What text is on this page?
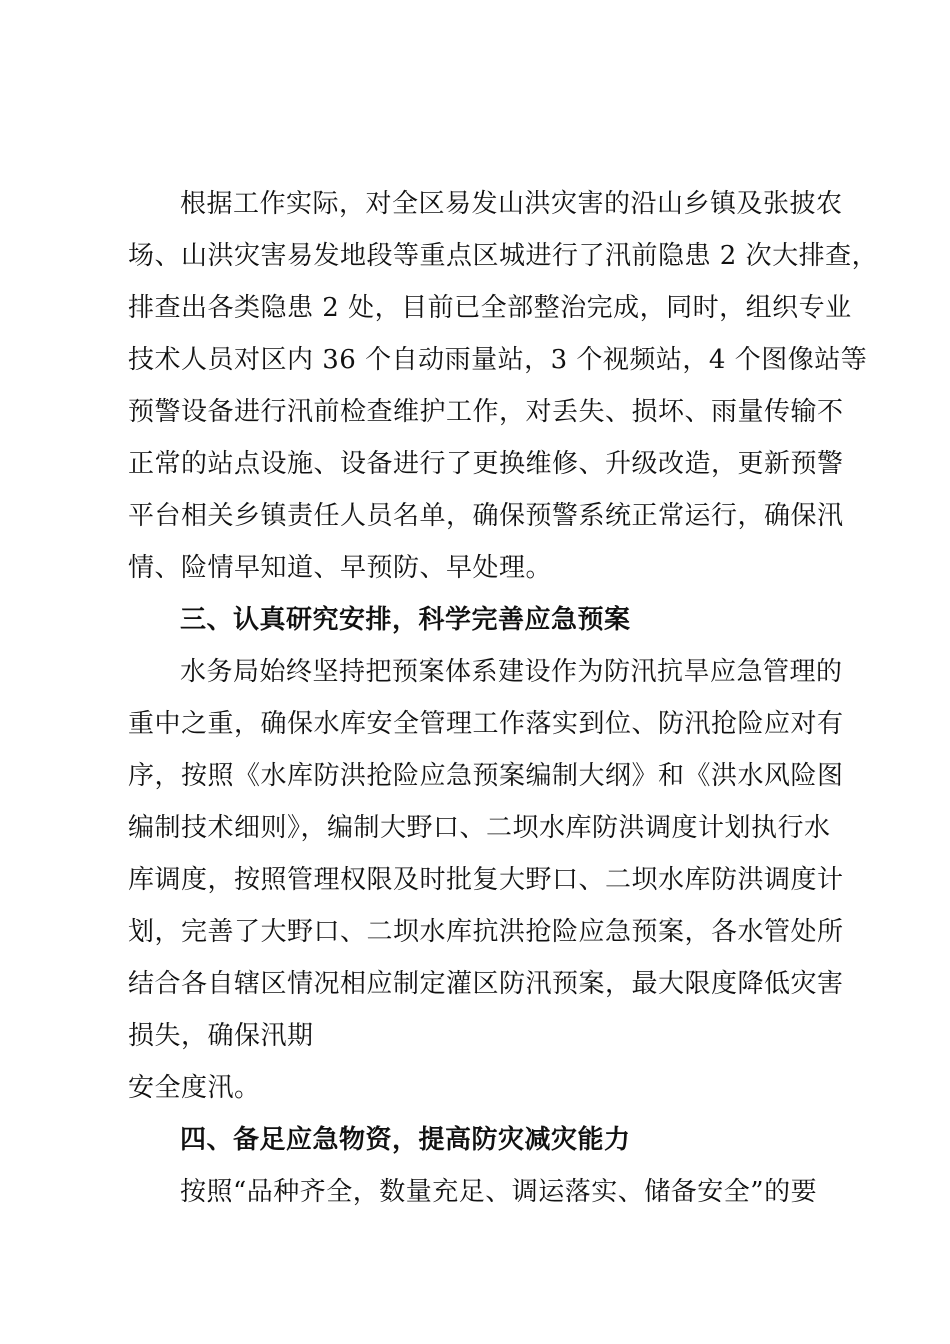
根据工作实际，对全区易发山洪灾害的沿山乡镇及张披农
场、山洪灾害易发地段等重点区城进行了汛前隐患 2 次大排查，
排查出各类隐患 2 处，目前已全部整治完成，同时，组织专业
技术人员对区内 36 个自动雨量站，3 个视频站，4 个图像站等
预警设备进行汛前检查维护工作，对丢失、损坏、雨量传输不
正常的站点设施、设备进行了更换维修、升级改造，更新预警
平台相关乡镇责任人员名单，确保预警系统正常运行，确保汛
情、险情早知道、早预防、早处理。
三、认真研究安排，科学完善应急预案
水务局始终坚持把预案体系建设作为防汛抗旱应急管理的
重中之重，确保水库安全管理工作落实到位、防汛抢险应对有
序，按照《水库防洪抢险应急预案编制大纲》和《洪水风险图
编制技术细则》，编制大野口、二坝水库防洪调度计划执行水
库调度，按照管理权限及时批复大野口、二坝水库防洪调度计
划，完善了大野口、二坝水库抗洪抢险应急预案，各水管处所
结合各自辖区情况相应制定灌区防汛预案，最大限度降低灾害
损失，确保汛期
安全度汛。
四、备足应急物资，提高防灾减灾能力
按照“品种齐全，数量充足、调运落实、储备安全”的要
